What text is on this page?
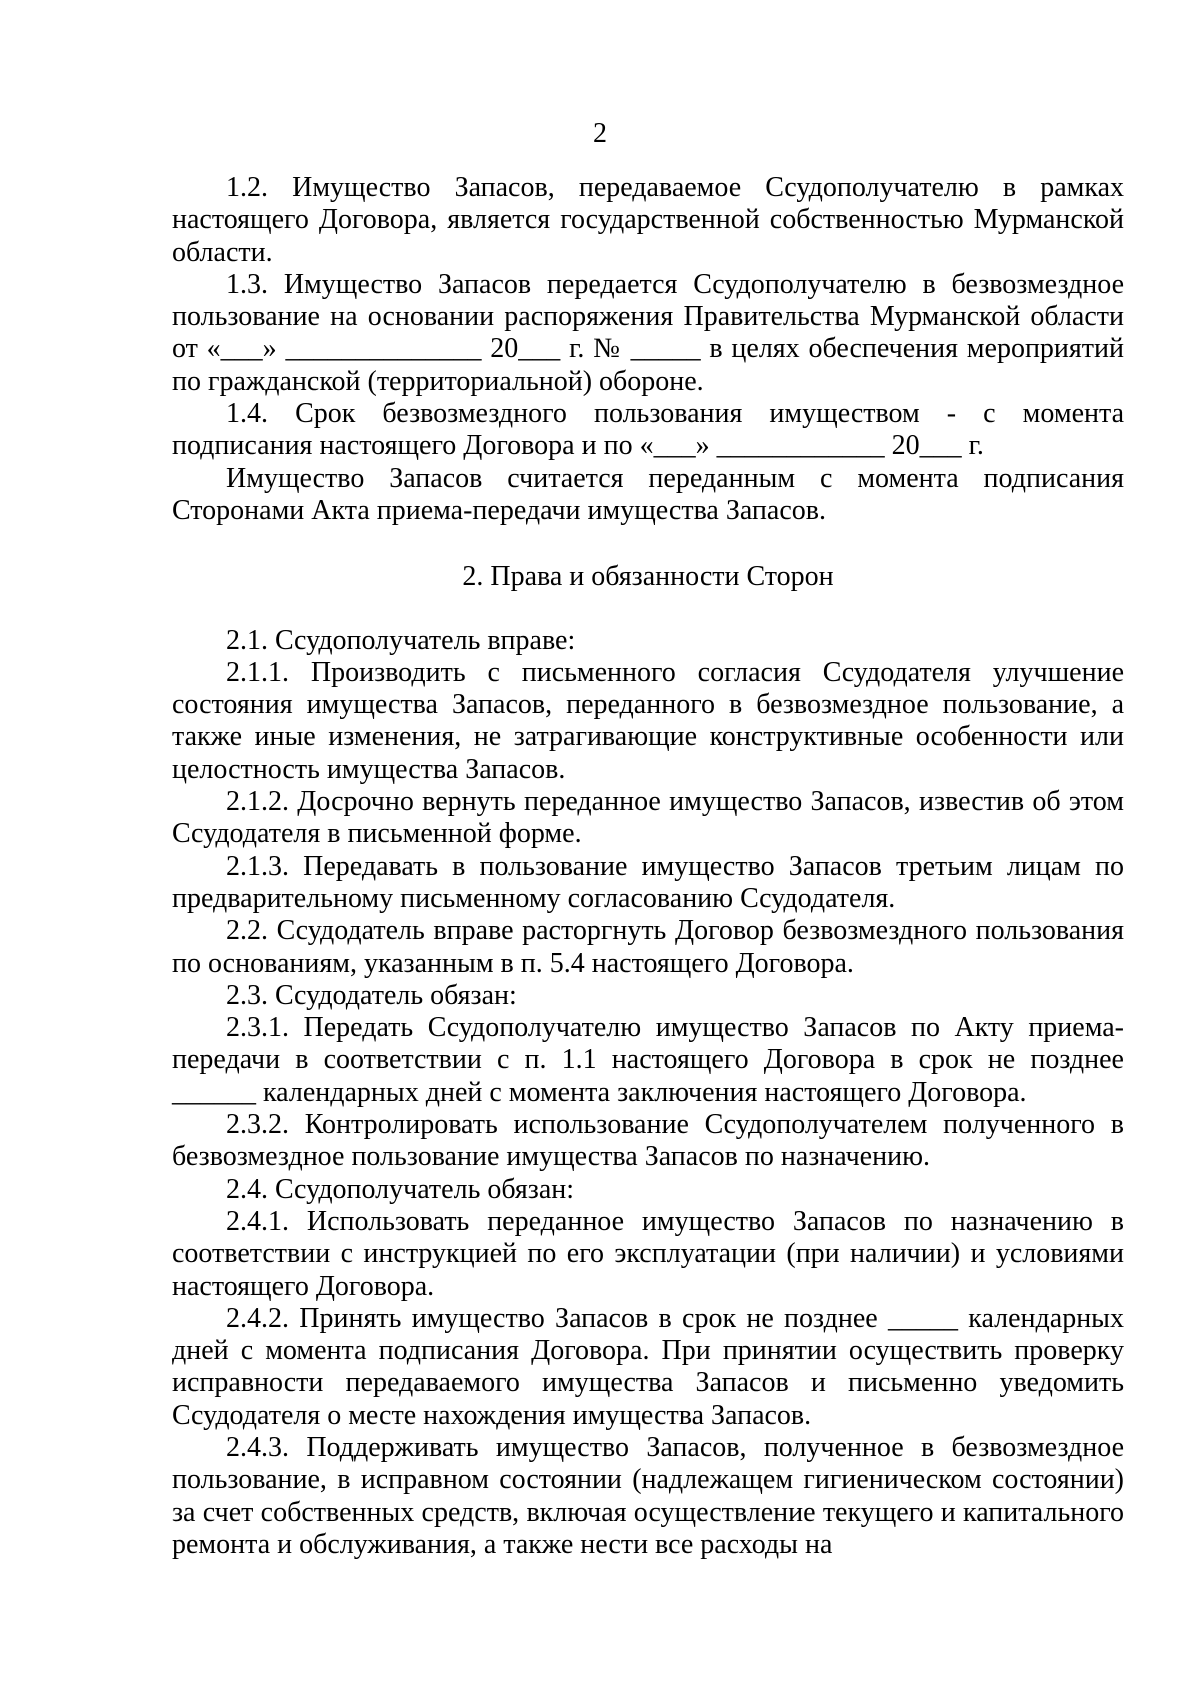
2

1.2. Имущество Запасов, передаваемое Ссудополучателю в рамках настоящего Договора, является государственной собственностью Мурманской области.

1.3. Имущество Запасов передается Ссудополучателю в безвозмездное пользование на основании распоряжения Правительства Мурманской области от «___» ______________ 20___ г. № _____ в целях обеспечения мероприятий по гражданской (территориальной) обороне.

1.4. Срок безвозмездного пользования имуществом - с момента подписания настоящего Договора и по «___» ____________ 20___ г.

Имущество Запасов считается переданным с момента подписания Сторонами Акта приема-передачи имущества Запасов.

2. Права и обязанности Сторон

2.1. Ссудополучатель вправе:

2.1.1. Производить с письменного согласия Ссудодателя улучшение состояния имущества Запасов, переданного в безвозмездное пользование, а также иные изменения, не затрагивающие конструктивные особенности или целостность имущества Запасов.

2.1.2. Досрочно вернуть переданное имущество Запасов, известив об этом Ссудодателя в письменной форме.

2.1.3. Передавать в пользование имущество Запасов третьим лицам по предварительному письменному согласованию Ссудодателя.

2.2. Ссудодатель вправе расторгнуть Договор безвозмездного пользования по основаниям, указанным в п. 5.4 настоящего Договора.

2.3. Ссудодатель обязан:

2.3.1. Передать Ссудополучателю имущество Запасов по Акту приема-передачи в соответствии с п. 1.1 настоящего Договора в срок не позднее ______ календарных дней с момента заключения настоящего Договора.

2.3.2. Контролировать использование Ссудополучателем полученного в безвозмездное пользование имущества Запасов по назначению.

2.4. Ссудополучатель обязан:

2.4.1. Использовать переданное имущество Запасов по назначению в соответствии с инструкцией по его эксплуатации (при наличии) и условиями настоящего Договора.

2.4.2. Принять имущество Запасов в срок не позднее _____ календарных дней с момента подписания Договора. При принятии осуществить проверку исправности передаваемого имущества Запасов и письменно уведомить Ссудодателя о месте нахождения имущества Запасов.

2.4.3. Поддерживать имущество Запасов, полученное в безвозмездное пользование, в исправном состоянии (надлежащем гигиеническом состоянии) за счет собственных средств, включая осуществление текущего и капитального ремонта и обслуживания, а также нести все расходы на
